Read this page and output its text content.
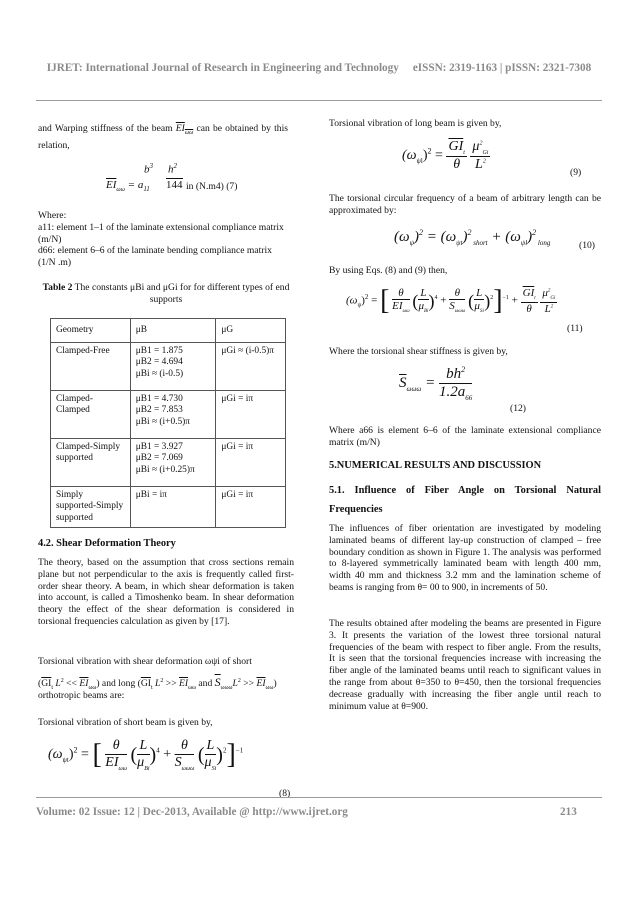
IJRET: International Journal of Research in Engineering and Technology     eISSN: 2319-1163 | pISSN: 2321-7308

and Warping stiffness of the beam $EI_{\omega\omega}$ can be obtained by this relation,

$b^3$ $h^2$
$\overline{EI}_{\omega\omega} = a_{11}$ 144 in (N.m4) (7)

Where:

a11: element 1–1 of the laminate extensional compliance matrix (m/N)

d66: element 6–6 of the laminate bending compliance matrix (1/N .m)

Table 2 The constants μBi and μGi for for different types of end supports
Geometry	μB	μG
Clamped-Free	μB1 = 1.875
μB2 = 4.694
μBi ≈ (i-0.5)	μGi ≈ (i-0.5)π
Clamped-Clamped	μB1 = 4.730
μB2 = 7.853
μBi ≈ (i+0.5)π	μGi = iπ
Clamped-Simply supported	μB1 = 3.927
μB2 = 7.069
μBi ≈ (i+0.25)π	μGi = iπ
Simply supported-Simply supported	μBi = iπ	μGi = iπ
4.2. Shear Deformation Theory

The theory, based on the assumption that cross sections remain plane but not perpendicular to the axis is frequently called first-order shear theory. A beam, in which shear deformation is taken into account, is called a Timoshenko beam. In shear deformation theory the effect of the shear deformation is considered in torsional frequencies calculation as given by [17].

Torsional vibration with shear deformation ωψi of short

($\overline{GI}_t$ $L^2 << \overline{EI}_{\omega\omega}$) and long ($\overline{GI}_t$ $L^2 >> \overline{EI}_{\omega\omega}$ and $\overline{S}_{\omega\omega\omega}L^2 >> \overline{EI}_{\omega\omega}$)

orthotropic beams are:

Torsional vibration of short beam is given by,

$(\omega_{\psi t})^2$ = [ $\frac{\theta}{\overline{EI}_{\omega\omega}}$ ( $\frac{L}{\mu_{Bi}} )^4 + \frac{\theta}{\overline{S}_{\omega\omega\omega}}$ ( $\frac{L}{\mu_{Si}} )^2]^{-1}$
(8)

Torsional vibration of long beam is given by,

$(\omega_{\psi l})^2 = \frac{\overline{GI}_t}{\theta}$
$\frac{\mu^2_{Gi}}{L^2}$	(9)

The torsional circular frequency of a beam of arbitrary length can be approximated by:

$(\omega_\psi)^2 = (\omega_{\psi t})^2$ $_{short} + (\omega_{\psi l})^2$ $_{long}$	(10)

By using Eqs. (8) and (9) then,

$(\omega_\psi)^2$ = [ $\frac{\theta}{\overline{EI}_{\omega\omega}}$ ( $\frac{L}{\mu_{Bi}} )^4 + \frac{\theta}{\overline{S}_{\omega\omega\omega}}$ ( $\frac{L}{\mu_{Si}} )^2]^{-1} + \frac{\overline{GI}_t}{\theta}$
$\frac{\mu^2_{Gi}}{L^2}$
(11)

Where the torsional shear stiffness is given by,

$\overline{S}_{\omega\omega\omega} = \frac{bh^2}{1.2a_{66}}$
(12)

Where a66 is element 6–6 of the laminate extensional compliance matrix (m/N)

5.NUMERICAL RESULTS AND DISCUSSION

5.1. Influence of Fiber Angle on Torsional Natural Frequencies

The influences of fiber orientation are investigated by modeling laminated beams of different lay-up construction of clamped – free boundary condition as shown in Figure 1. The analysis was performed to 8-layered symmetrically laminated beam with length 400 mm, width 40 mm and thickness 3.2 mm and the lamination scheme of beams is ranging from θ= 00 to 900, in increments of 50.

The results obtained after modeling the beams are presented in Figure 3. It presents the variation of the lowest three torsional natural frequencies of the beam with respect to fiber angle. From the results, It is seen that the torsional frequencies increase with increasing the fiber angle of the laminated beams until reach to significant values in the range from about θ=350 to θ=450, then the torsional frequencies decrease gradually with increasing the fiber angle until reach to minimum value at θ=900.

Volume: 02 Issue: 12 | Dec-2013, Available @ http://www.ijret.org	213
